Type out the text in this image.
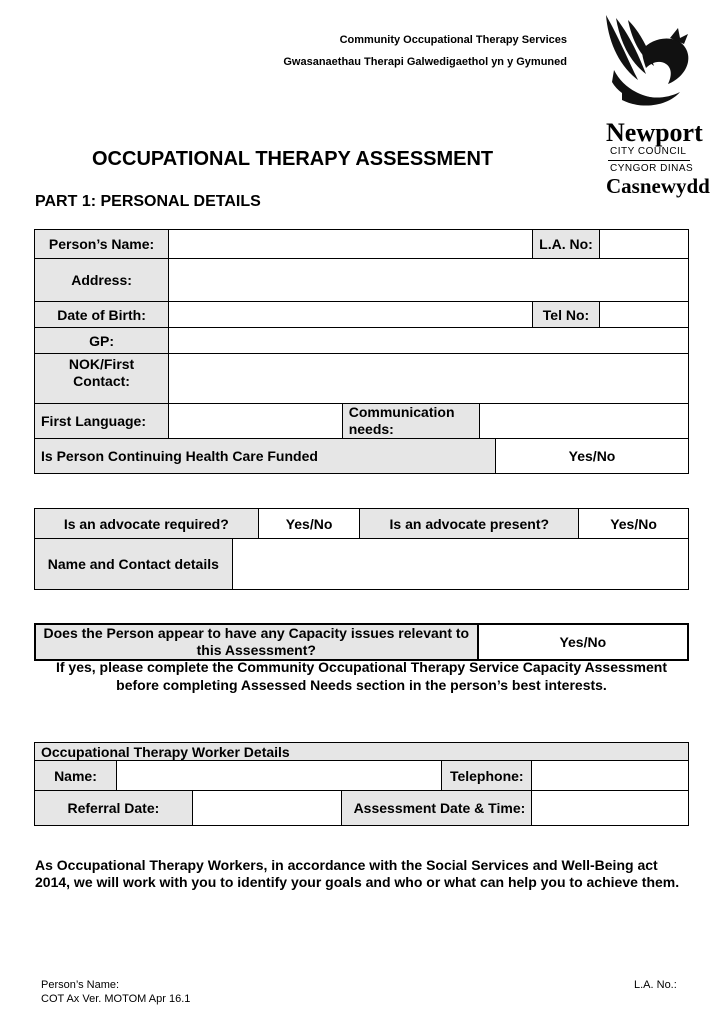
Community Occupational Therapy Services
Gwasanaethau Therapi Galwedigaethol yn y Gymuned
Newport
CITY COUNCIL
CYNGOR DINAS
Casnewydd
OCCUPATIONAL THERAPY ASSESSMENT
PART 1: PERSONAL DETAILS
Person’s Name:					L.A. No:	
Address:						
Date of Birth:					Tel No:	
GP:						
NOK/First Contact:						
First Language:		Communication needs:				
Is Person Continuing Health Care Funded				Yes/No		
Is an advocate required?		Yes/No	Is an advocate present?	Yes/No
Name and Contact details				
Does the Person appear to have any Capacity issues relevant to this Assessment?	Yes/No
If yes, please complete the Community Occupational Therapy Service Capacity Assessment before completing Assessed Needs section in the person’s best interests.
Occupational Therapy Worker Details					
Name:				Telephone:	
Referral Date:			Assessment Date & Time:		
As Occupational Therapy Workers, in accordance with the Social Services and Well-Being act 2014, we will work with you to identify your goals and who or what can help you to achieve them.
Person’s Name:
COT Ax Ver. MOTOM Apr 16.1
L.A. No.:
